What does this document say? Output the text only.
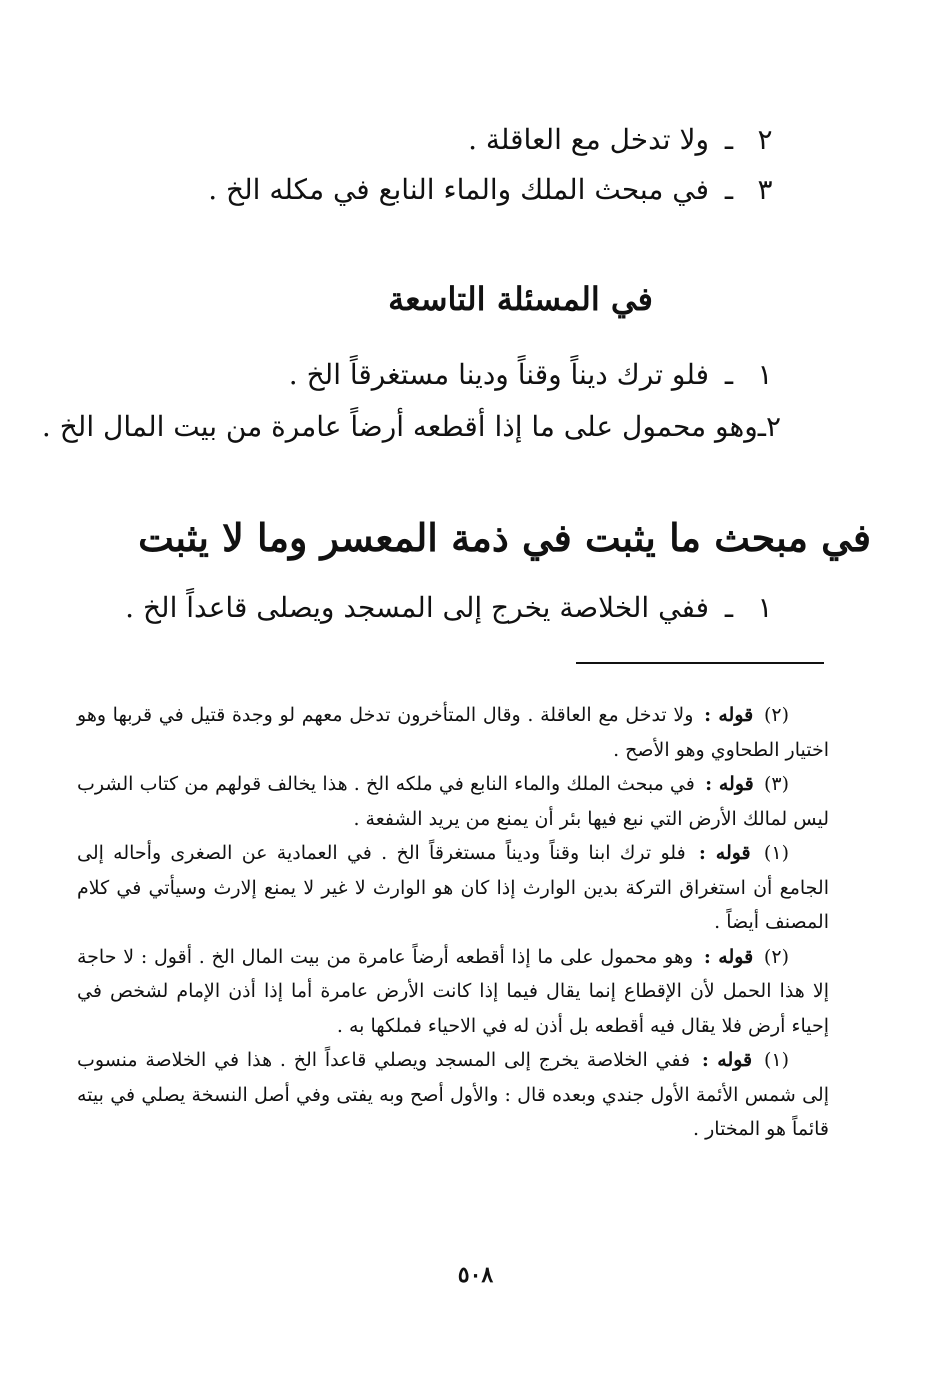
٢
ـ
ولا تدخل مع العاقلة .
٣
ـ
في مبحث الملك والماء النابع في مكله الخ .
في المسئلة التاسعة
١
ـ
فلو ترك ديناً وقناً ودينا مستغرقاً الخ .
٢
ـ
وهو محمول على ما إذا أقطعه أرضاً عامرة من بيت المال الخ .
في مبحث ما يثبت في ذمة المعسر وما لا يثبت
١
ـ
ففي الخلاصة يخرج إلى المسجد ويصلى قاعداً الخ .

(٢) قوله : ولا تدخل مع العاقلة . وقال المتأخرون تدخل معهم لو وجدة قتيل في قربها وهو اختيار الطحاوي وهو الأصح .

(٣) قوله : في مبحث الملك والماء النابع في ملكه الخ . هذا يخالف قولهم من كتاب الشرب ليس لمالك الأرض التي نبع فيها بئر أن يمنع من يريد الشفعة .

(١) قوله : فلو ترك ابنا وقناً وديناً مستغرقاً الخ . في العمادية عن الصغرى وأحاله إلى الجامع أن استغراق التركة بدين الوارث إذا كان هو الوارث لا غير لا يمنع إلارث وسيأتي في كلام المصنف أيضاً .

(٢) قوله : وهو محمول على ما إذا أقطعه أرضاً عامرة من بيت المال الخ . أقول : لا حاجة إلا هذا الحمل لأن الإقطاع إنما يقال فيما إذا كانت الأرض عامرة أما إذا أذن الإمام لشخص في إحياء أرض فلا يقال فيه أقطعه بل أذن له في الاحياء فملكها به .

(١) قوله : ففي الخلاصة يخرج إلى المسجد ويصلي قاعداً الخ . هذا في الخلاصة منسوب إلى شمس الأئمة الأول جندي وبعده قال : والأول أصح وبه يفتى وفي أصل النسخة يصلي في بيته قائماً هو المختار .

٥٠٨
